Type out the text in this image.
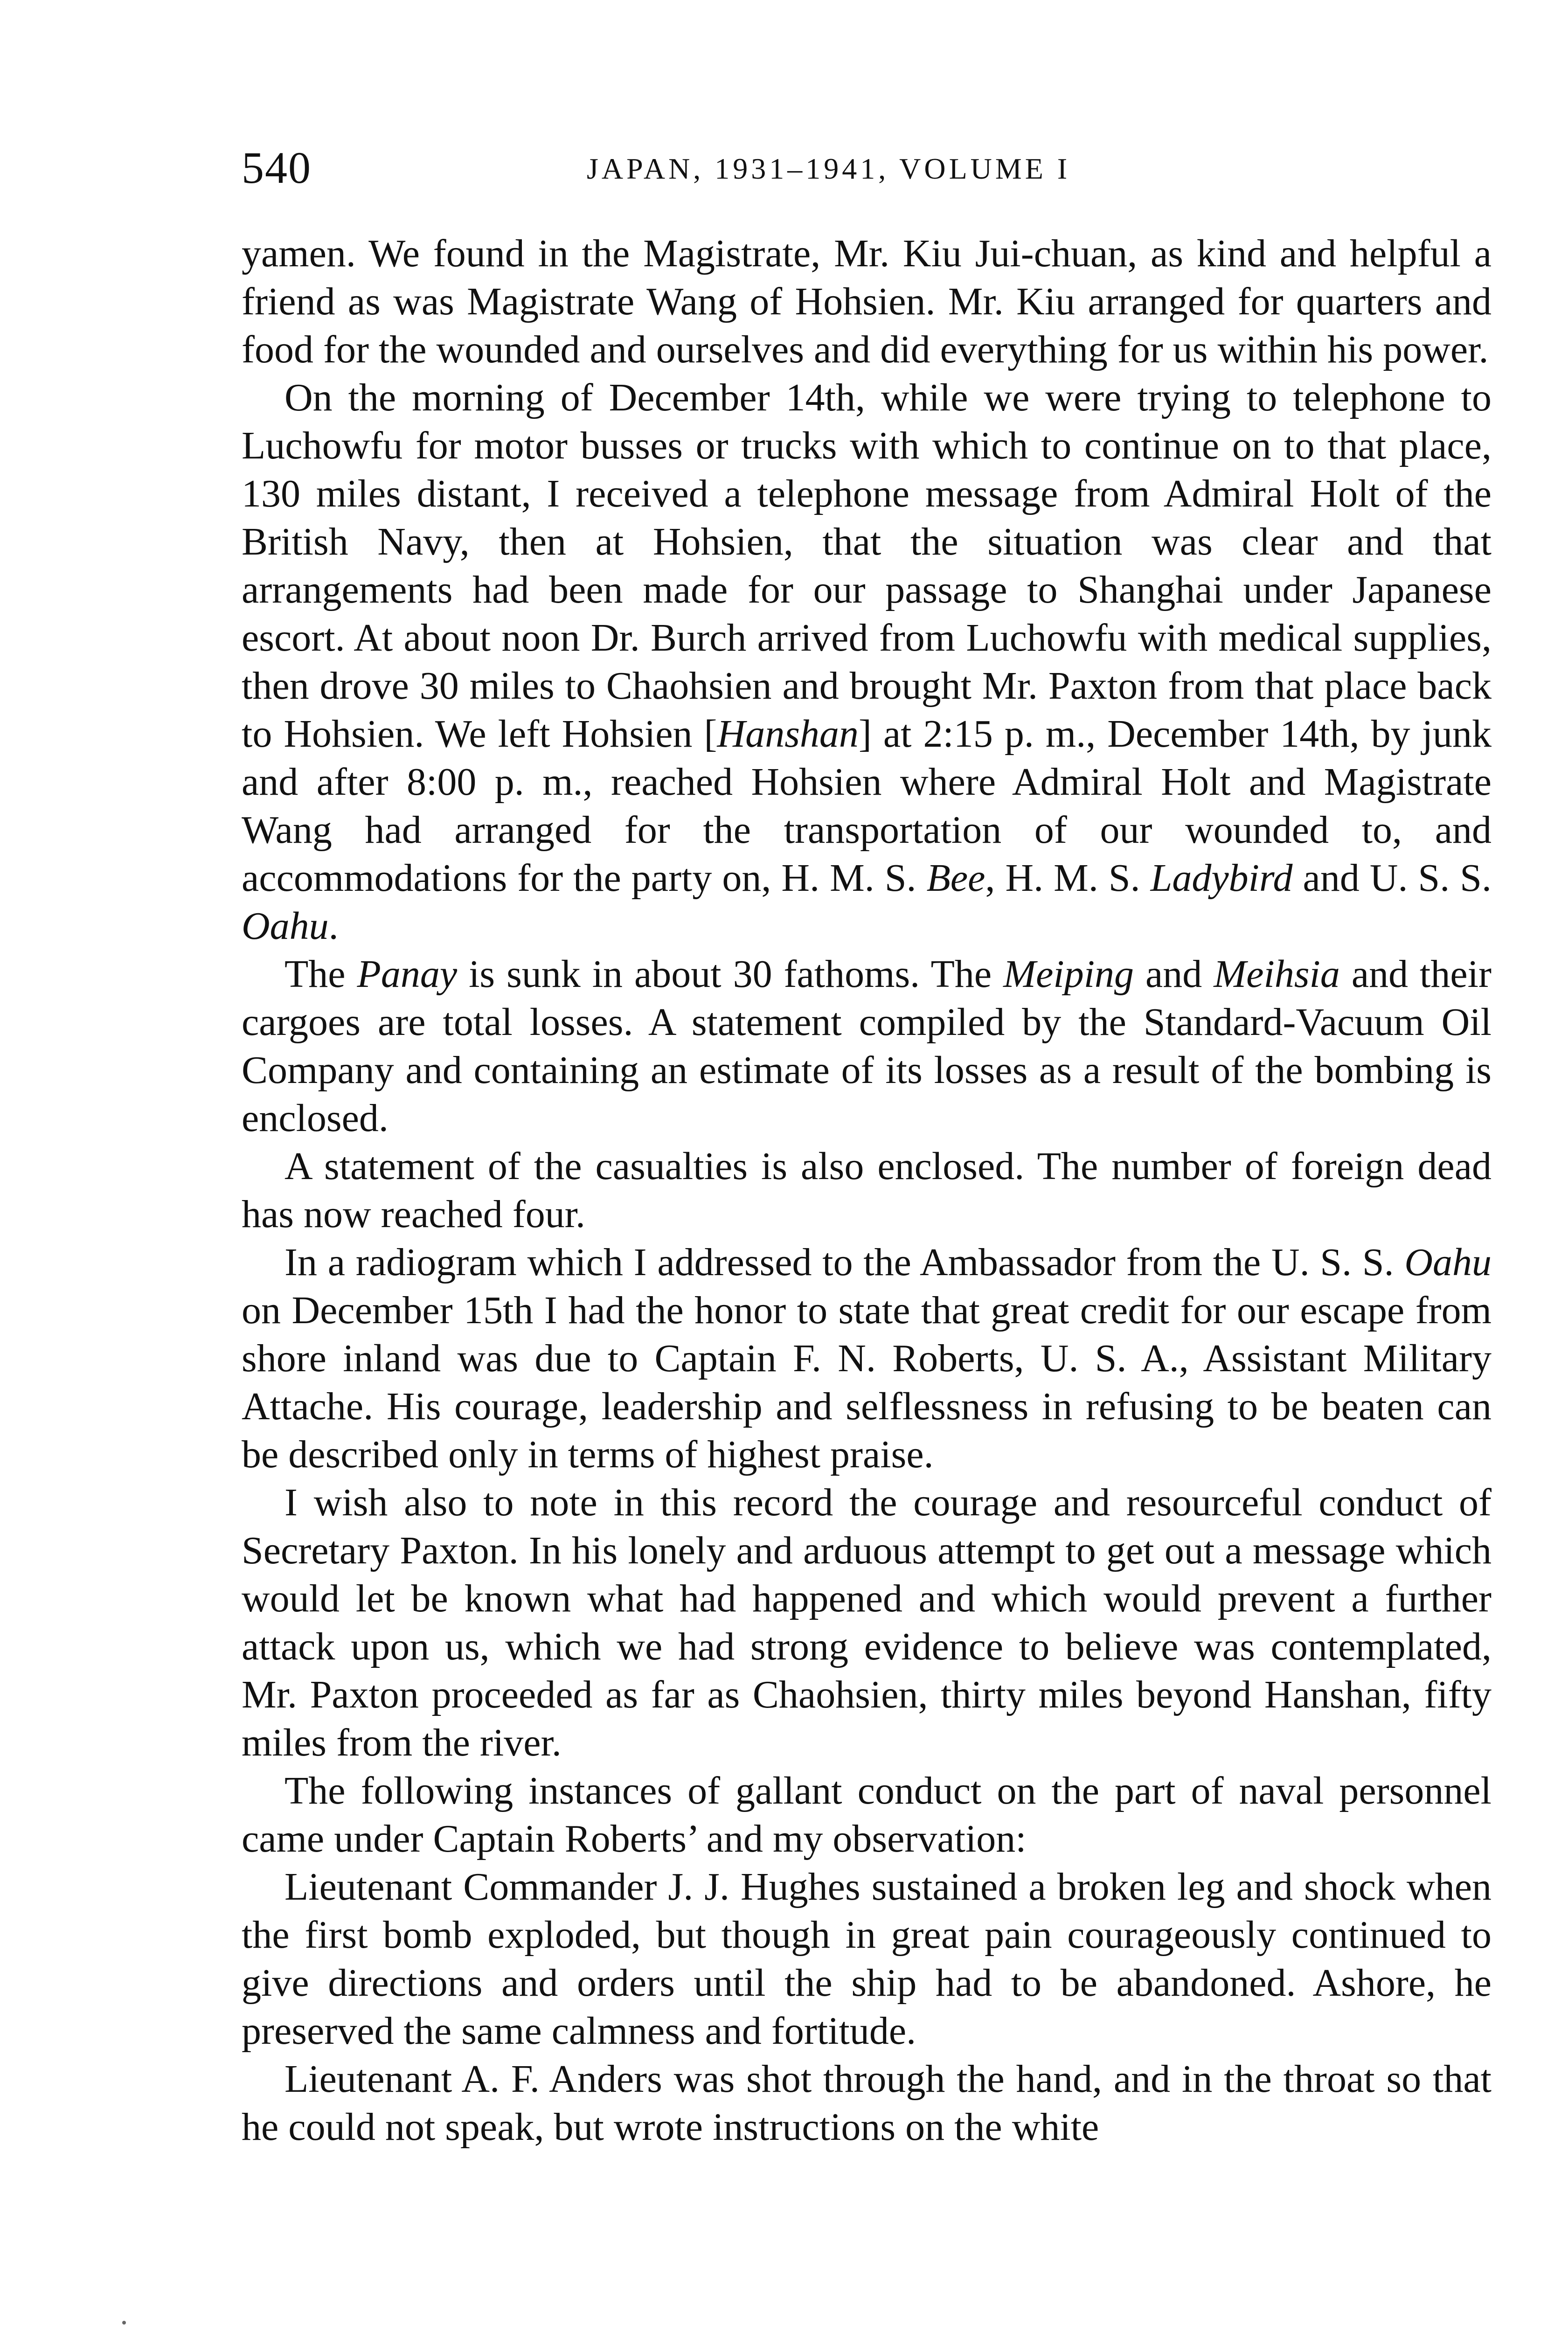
540	JAPAN, 1931–1941, VOLUME I

yamen. We found in the Magistrate, Mr. Kiu Jui-chuan, as kind and helpful a friend as was Magistrate Wang of Hohsien. Mr. Kiu arranged for quarters and food for the wounded and ourselves and did everything for us within his power.

On the morning of December 14th, while we were trying to telephone to Luchowfu for motor busses or trucks with which to continue on to that place, 130 miles distant, I received a telephone message from Admiral Holt of the British Navy, then at Hohsien, that the situation was clear and that arrangements had been made for our passage to Shanghai under Japanese escort. At about noon Dr. Burch arrived from Luchowfu with medical supplies, then drove 30 miles to Chaohsien and brought Mr. Paxton from that place back to Hohsien. We left Hohsien [Hanshan] at 2:15 p. m., December 14th, by junk and after 8:00 p. m., reached Hohsien where Admiral Holt and Magistrate Wang had arranged for the transportation of our wounded to, and accommodations for the party on, H. M. S. Bee, H. M. S. Ladybird and U. S. S. Oahu.

The Panay is sunk in about 30 fathoms. The Meiping and Meihsia and their cargoes are total losses. A statement compiled by the Standard-Vacuum Oil Company and containing an estimate of its losses as a result of the bombing is enclosed.

A statement of the casualties is also enclosed. The number of foreign dead has now reached four.

In a radiogram which I addressed to the Ambassador from the U. S. S. Oahu on December 15th I had the honor to state that great credit for our escape from shore inland was due to Captain F. N. Roberts, U. S. A., Assistant Military Attache. His courage, leadership and selflessness in refusing to be beaten can be described only in terms of highest praise.

I wish also to note in this record the courage and resourceful conduct of Secretary Paxton. In his lonely and arduous attempt to get out a message which would let be known what had happened and which would prevent a further attack upon us, which we had strong evidence to believe was contemplated, Mr. Paxton proceeded as far as Chaohsien, thirty miles beyond Hanshan, fifty miles from the river.

The following instances of gallant conduct on the part of naval personnel came under Captain Roberts’ and my observation:

Lieutenant Commander J. J. Hughes sustained a broken leg and shock when the first bomb exploded, but though in great pain courageously continued to give directions and orders until the ship had to be abandoned. Ashore, he preserved the same calmness and fortitude.

Lieutenant A. F. Anders was shot through the hand, and in the throat so that he could not speak, but wrote instructions on the white
